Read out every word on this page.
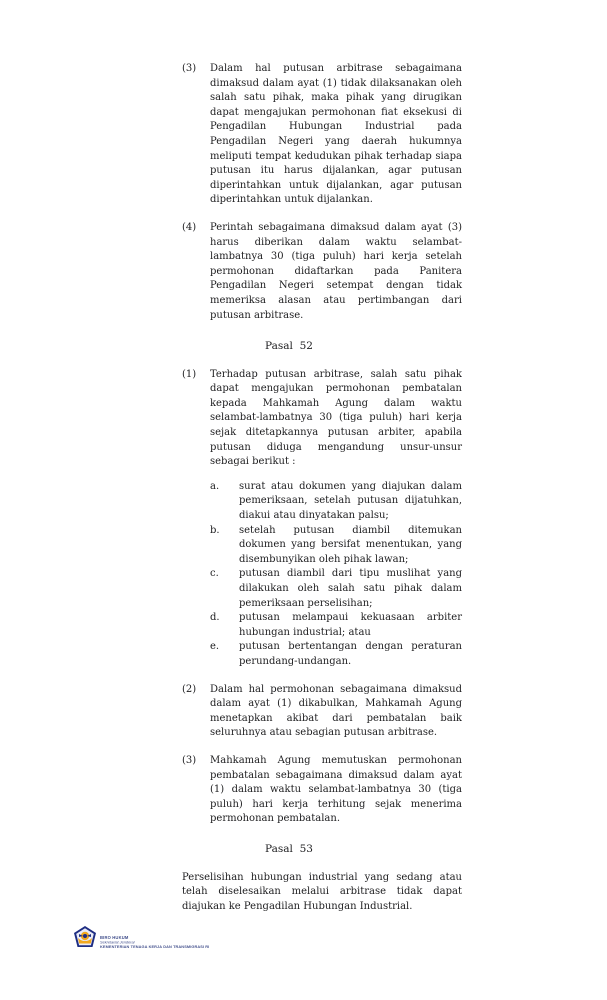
(3)	Dalam hal putusan arbitrase sebagaimana dimaksud dalam ayat (1) tidak dilaksanakan oleh salah satu pihak, maka pihak yang dirugikan dapat mengajukan permohonan fiat eksekusi di Pengadilan Hubungan Industrial pada Pengadilan Negeri yang daerah hukumnya meliputi tempat kedudukan pihak terhadap siapa putusan itu harus dijalankan, agar putusan diperintahkan untuk dijalankan, agar putusan diperintahkan untuk dijalankan.

(4)	Perintah sebagaimana dimaksud dalam ayat (3) harus diberikan dalam waktu selambat-lambatnya 30 (tiga puluh) hari kerja setelah permohonan didaftarkan pada Panitera Pengadilan Negeri setempat dengan tidak memeriksa alasan atau pertimbangan dari putusan arbitrase.

Pasal  52
(1)	Terhadap putusan arbitrase, salah satu pihak dapat mengajukan permohonan pembatalan kepada Mahkamah Agung dalam waktu selambat-lambatnya 30 (tiga puluh) hari kerja sejak ditetapkannya putusan arbiter, apabila putusan diduga mengandung unsur-unsur sebagai berikut :

a.	surat atau dokumen yang diajukan dalam pemeriksaan, setelah putusan dijatuhkan, diakui atau dinyatakan palsu;

b.	setelah putusan diambil ditemukan dokumen yang bersifat menentukan, yang disembunyikan oleh pihak lawan;

c.	putusan diambil dari tipu muslihat yang dilakukan oleh salah satu pihak dalam pemeriksaan perselisihan;

d.	putusan melampaui kekuasaan arbiter hubungan industrial; atau

e.	putusan bertentangan dengan peraturan perundang-undangan.

(2)	Dalam hal permohonan sebagaimana dimaksud dalam ayat (1) dikabulkan, Mahkamah Agung menetapkan akibat dari pembatalan baik seluruhnya atau sebagian putusan arbitrase.

(3)	Mahkamah Agung memutuskan permohonan pembatalan sebagaimana dimaksud dalam ayat (1) dalam waktu selambat-lambatnya 30 (tiga puluh) hari kerja terhitung sejak menerima permohonan pembatalan.

Pasal  53

Perselisihan hubungan industrial yang sedang atau telah diselesaikan melalui arbitrase tidak dapat diajukan ke Pengadilan Hubungan Industrial.

BIRO HUKUM
Sekretariat Jenderal
KEMENTERIAN TENAGA KERJA DAN TRANSMIGRASI RI
